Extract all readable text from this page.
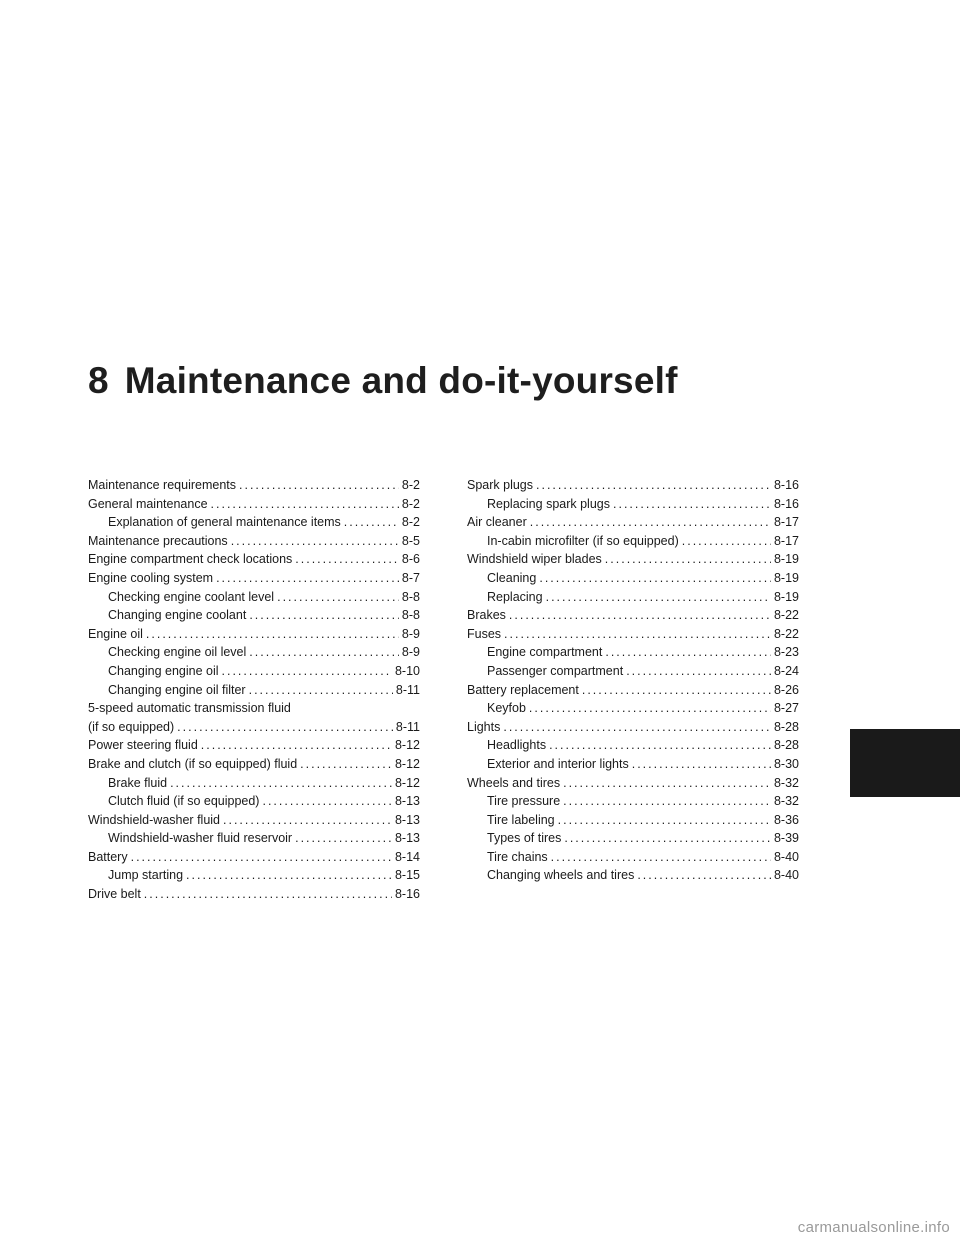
8 Maintenance and do-it-yourself
Maintenance requirements .....	8-2
General maintenance .....	8-2
Explanation of general maintenance items .....	8-2
Maintenance precautions .....	8-5
Engine compartment check locations .....	8-6
Engine cooling system .....	8-7
Checking engine coolant level .....	8-8
Changing engine coolant .....	8-8
Engine oil .....	8-9
Checking engine oil level .....	8-9
Changing engine oil .....	8-10
Changing engine oil filter .....	8-11
5-speed automatic transmission fluid
(if so equipped) .....	8-11
Power steering fluid .....	8-12
Brake and clutch (if so equipped) fluid .....	8-12
Brake fluid .....	8-12
Clutch fluid (if so equipped) .....	8-13
Windshield-washer fluid .....	8-13
Windshield-washer fluid reservoir .....	8-13
Battery .....	8-14
Jump starting .....	8-15
Drive belt .....	8-16
Spark plugs .....	8-16
Replacing spark plugs .....	8-16
Air cleaner .....	8-17
In-cabin microfilter (if so equipped) .....	8-17
Windshield wiper blades .....	8-19
Cleaning .....	8-19
Replacing .....	8-19
Brakes .....	8-22
Fuses .....	8-22
Engine compartment .....	8-23
Passenger compartment .....	8-24
Battery replacement .....	8-26
Keyfob .....	8-27
Lights .....	8-28
Headlights .....	8-28
Exterior and interior lights .....	8-30
Wheels and tires .....	8-32
Tire pressure .....	8-32
Tire labeling .....	8-36
Types of tires .....	8-39
Tire chains .....	8-40
Changing wheels and tires .....	8-40
carmanualsonline.info
